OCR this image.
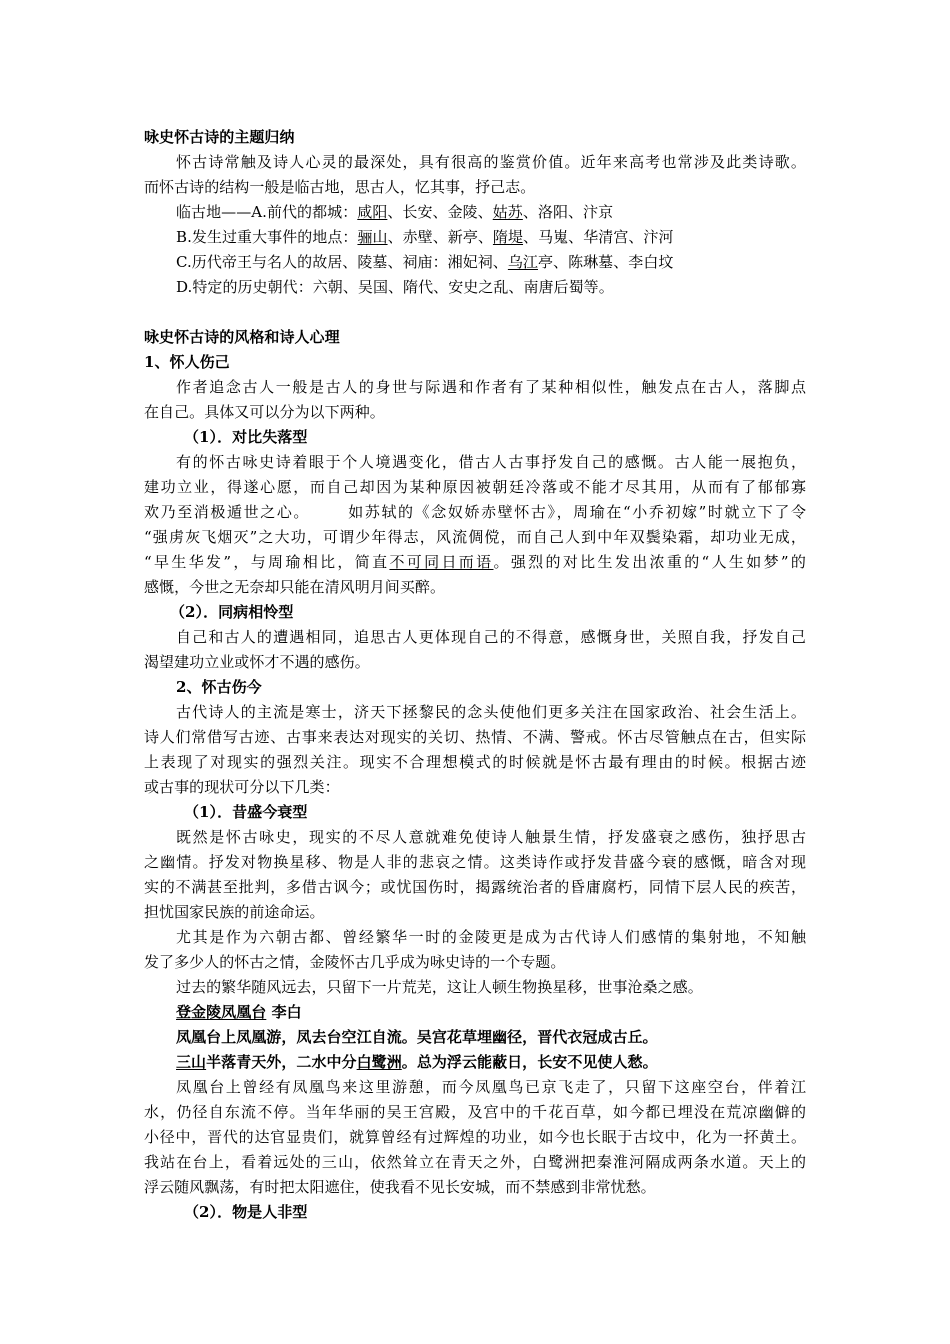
咏史怀古诗的主题归纳
怀古诗常触及诗人心灵的最深处，具有很高的鉴赏价值。近年来高考也常涉及此类诗歌。
而怀古诗的结构一般是临古地，思古人，忆其事，抒己志。
临古地——A.前代的都城：咸阳、长安、金陵、姑苏、洛阳、汴京
B.发生过重大事件的地点：骊山、赤壁、新亭、隋堤、马嵬、华清宫、汴河
C.历代帝王与名人的故居、陵墓、祠庙：湘妃祠、乌江亭、陈琳墓、李白坟
D.特定的历史朝代：六朝、吴国、隋代、安史之乱、南唐后蜀等。
咏史怀古诗的风格和诗人心理
1、怀人伤己
作者追念古人一般是古人的身世与际遇和作者有了某种相似性，触发点在古人，落脚点
在自己。具体又可以分为以下两种。
（1）．对比失落型
有的怀古咏史诗着眼于个人境遇变化，借古人古事抒发自己的感慨。古人能一展抱负，
建功立业，得遂心愿，而自己却因为某种原因被朝廷冷落或不能才尽其用，从而有了郁郁寡
欢乃至消极遁世之心。      如苏轼的《念奴娇赤壁怀古》，周瑜在“小乔初嫁”时就立下了令
“强虏灰飞烟灭”之大功，可谓少年得志，风流倜傥，而自己人到中年双鬓染霜，却功业无成，
“早生华发”，与周瑜相比，简直不可同日而语。强烈的对比生发出浓重的“人生如梦”的
感慨，今世之无奈却只能在清风明月间买醉。
（2）．同病相怜型
自己和古人的遭遇相同，追思古人更体现自己的不得意，感慨身世，关照自我，抒发自己
渴望建功立业或怀才不遇的感伤。
2、怀古伤今
古代诗人的主流是寒士，济天下拯黎民的念头使他们更多关注在国家政治、社会生活上。
诗人们常借写古迹、古事来表达对现实的关切、热情、不满、警戒。怀古尽管触点在古，但实际
上表现了对现实的强烈关注。现实不合理想模式的时候就是怀古最有理由的时候。根据古迹
或古事的现状可分以下几类：
（1）．昔盛今衰型
既然是怀古咏史，现实的不尽人意就难免使诗人触景生情，抒发盛衰之感伤，独抒思古
之幽情。抒发对物换星移、物是人非的悲哀之情。这类诗作或抒发昔盛今衰的感慨，暗含对现
实的不满甚至批判，多借古讽今；或忧国伤时，揭露统治者的昏庸腐朽，同情下层人民的疾苦，
担忧国家民族的前途命运。
尤其是作为六朝古都、曾经繁华一时的金陵更是成为古代诗人们感情的集射地，不知触
发了多少人的怀古之情，金陵怀古几乎成为咏史诗的一个专题。
过去的繁华随风远去，只留下一片荒芜，这让人顿生物换星移，世事沧桑之感。
登金陵凤凰台 李白
凤凰台上凤凰游，凤去台空江自流。吴宫花草埋幽径，晋代衣冠成古丘。
三山半落青天外，二水中分白鹭洲。总为浮云能蔽日，长安不见使人愁。
凤凰台上曾经有凤凰鸟来这里游憩，而今凤凰鸟已京飞走了，只留下这座空台，伴着江
水，仍径自东流不停。当年华丽的吴王宫殿，及宫中的千花百草，如今都已埋没在荒凉幽僻的
小径中，晋代的达官显贵们，就算曾经有过辉煌的功业，如今也长眠于古坟中，化为一抔黄土。
我站在台上，看着远处的三山，依然耸立在青天之外，白鹭洲把秦淮河隔成两条水道。天上的
浮云随风飘荡，有时把太阳遮住，使我看不见长安城，而不禁感到非常忧愁。
（2）．物是人非型
